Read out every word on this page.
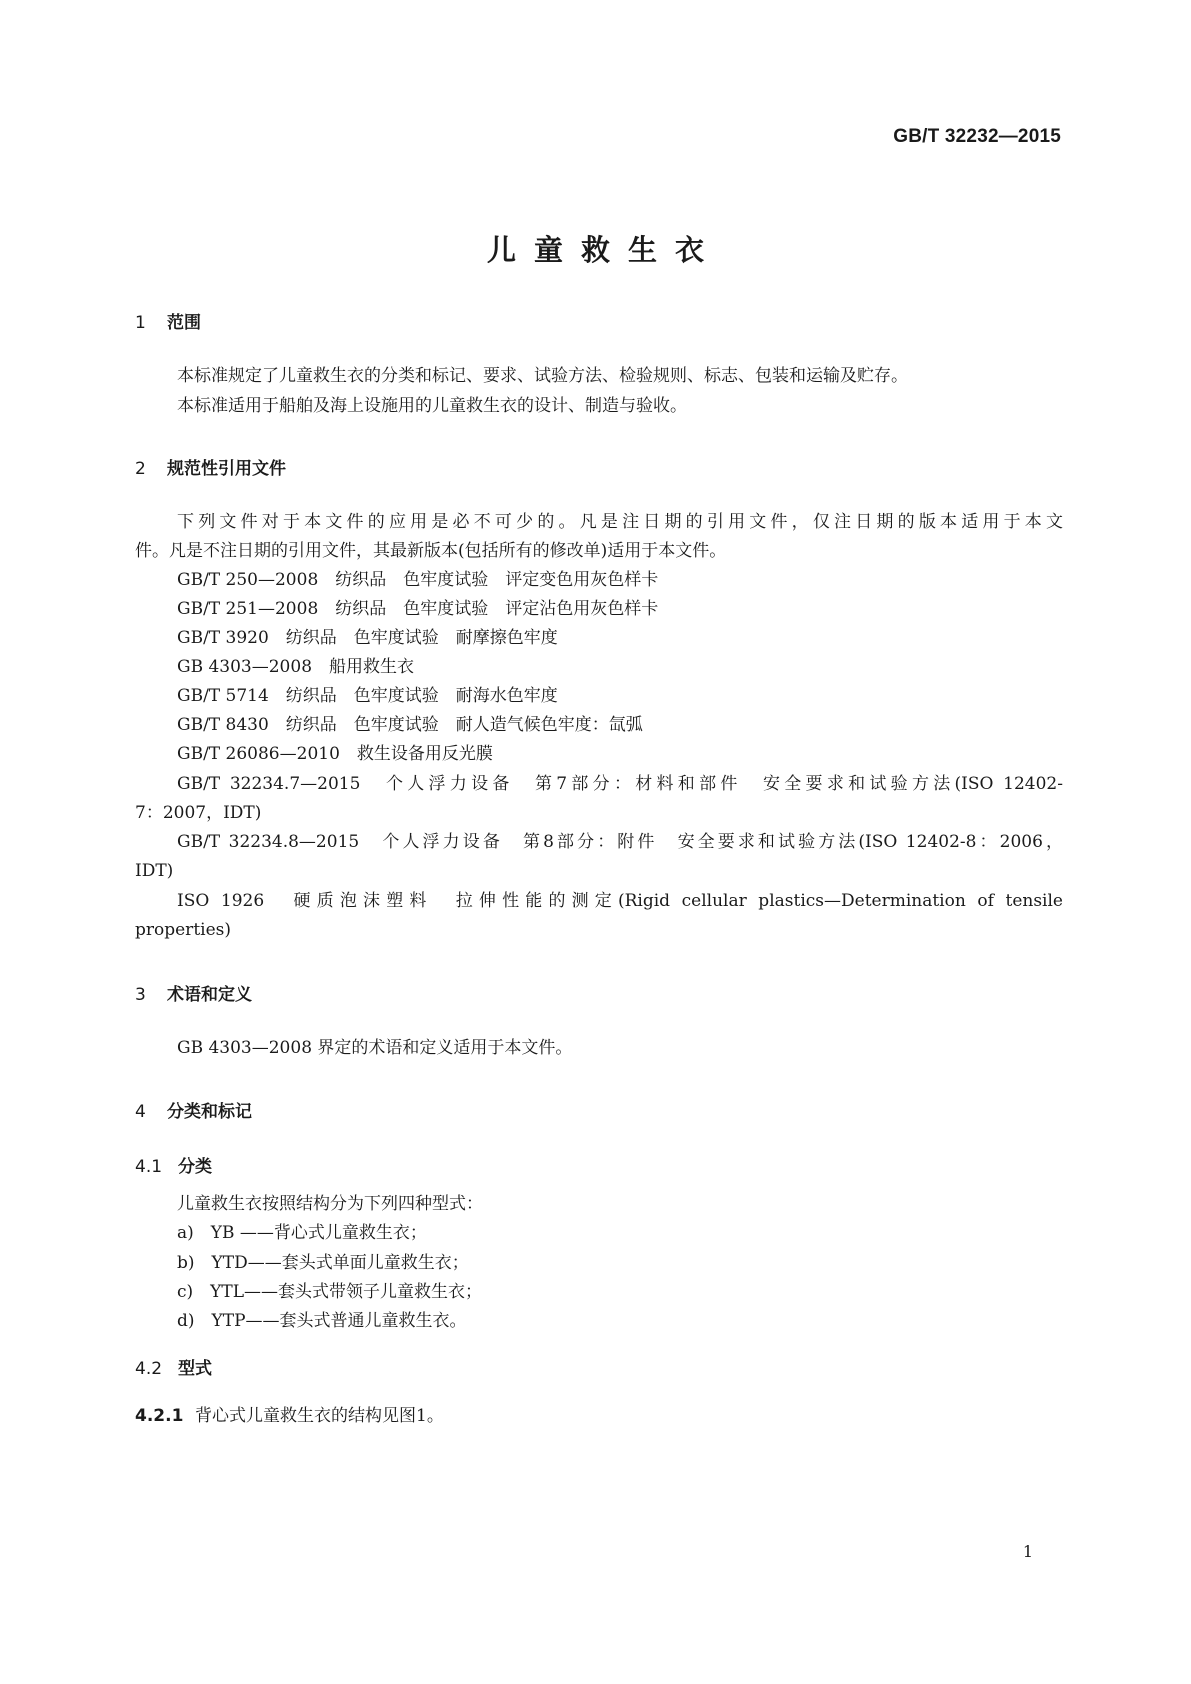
GB/T 32232—2015
儿童救生衣
1 范围
本标准规定了儿童救生衣的分类和标记、要求、试验方法、检验规则、标志、包装和运输及贮存。
本标准适用于船舶及海上设施用的儿童救生衣的设计、制造与验收。
2 规范性引用文件
下列文件对于本文件的应用是必不可少的。凡是注日期的引用文件，仅注日期的版本适用于本文
件。凡是不注日期的引用文件，其最新版本(包括所有的修改单)适用于本文件。
GB/T 250—2008　纺织品　色牢度试验　评定变色用灰色样卡
GB/T 251—2008　纺织品　色牢度试验　评定沾色用灰色样卡
GB/T 3920　纺织品　色牢度试验　耐摩擦色牢度
GB 4303—2008　船用救生衣
GB/T 5714　纺织品　色牢度试验　耐海水色牢度
GB/T 8430　纺织品　色牢度试验　耐人造气候色牢度：氙弧
GB/T 26086—2010　救生设备用反光膜
GB/T 32234.7—2015　个人浮力设备　第7部分：材料和部件　安全要求和试验方法(ISO 12402-
7：2007，IDT)
GB/T 32234.8—2015　个人浮力设备　第8部分：附件　安全要求和试验方法(ISO 12402-8：2006，
IDT)
ISO 1926　硬质泡沫塑料　拉伸性能的测定(Rigid cellular plastics—Determination of tensile
properties)
3 术语和定义
GB 4303—2008 界定的术语和定义适用于本文件。
4 分类和标记
4.1 分类
儿童救生衣按照结构分为下列四种型式：
a)　YB ——背心式儿童救生衣；
b)　YTD——套头式单面儿童救生衣；
c)　YTL——套头式带领子儿童救生衣；
d)　YTP——套头式普通儿童救生衣。
4.2 型式
4.2.1 背心式儿童救生衣的结构见图1。
1
